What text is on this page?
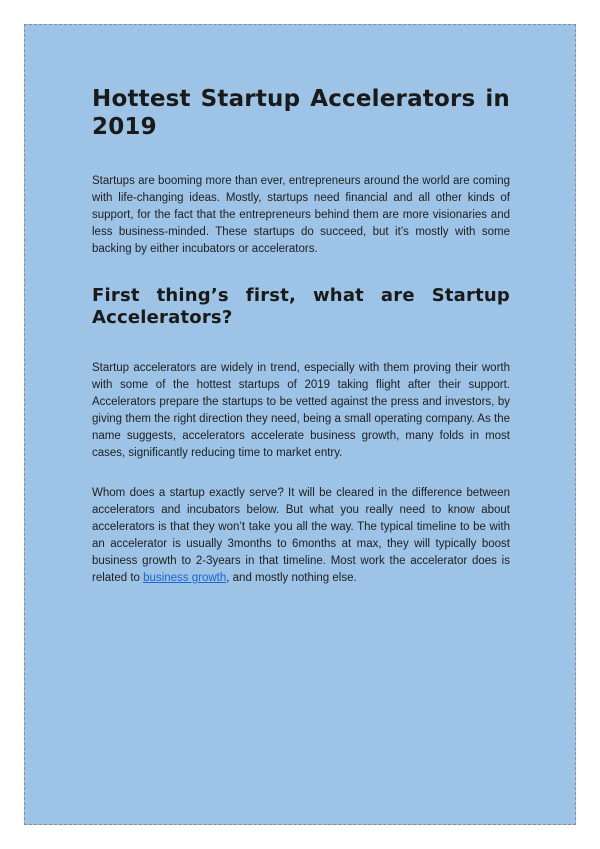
Hottest Startup Accelerators in 2019

Startups are booming more than ever, entrepreneurs around the world are coming with life-changing ideas. Mostly, startups need financial and all other kinds of support, for the fact that the entrepreneurs behind them are more visionaries and less business-minded. These startups do succeed, but it’s mostly with some backing by either incubators or accelerators.

First thing’s first, what are Startup Accelerators?

Startup accelerators are widely in trend, especially with them proving their worth with some of the hottest startups of 2019 taking flight after their support. Accelerators prepare the startups to be vetted against the press and investors, by giving them the right direction they need, being a small operating company. As the name suggests, accelerators accelerate business growth, many folds in most cases, significantly reducing time to market entry.

Whom does a startup exactly serve? It will be cleared in the difference between accelerators and incubators below. But what you really need to know about accelerators is that they won’t take you all the way. The typical timeline to be with an accelerator is usually 3months to 6months at max, they will typically boost business growth to 2-3years in that timeline. Most work the accelerator does is related to business growth, and mostly nothing else.
